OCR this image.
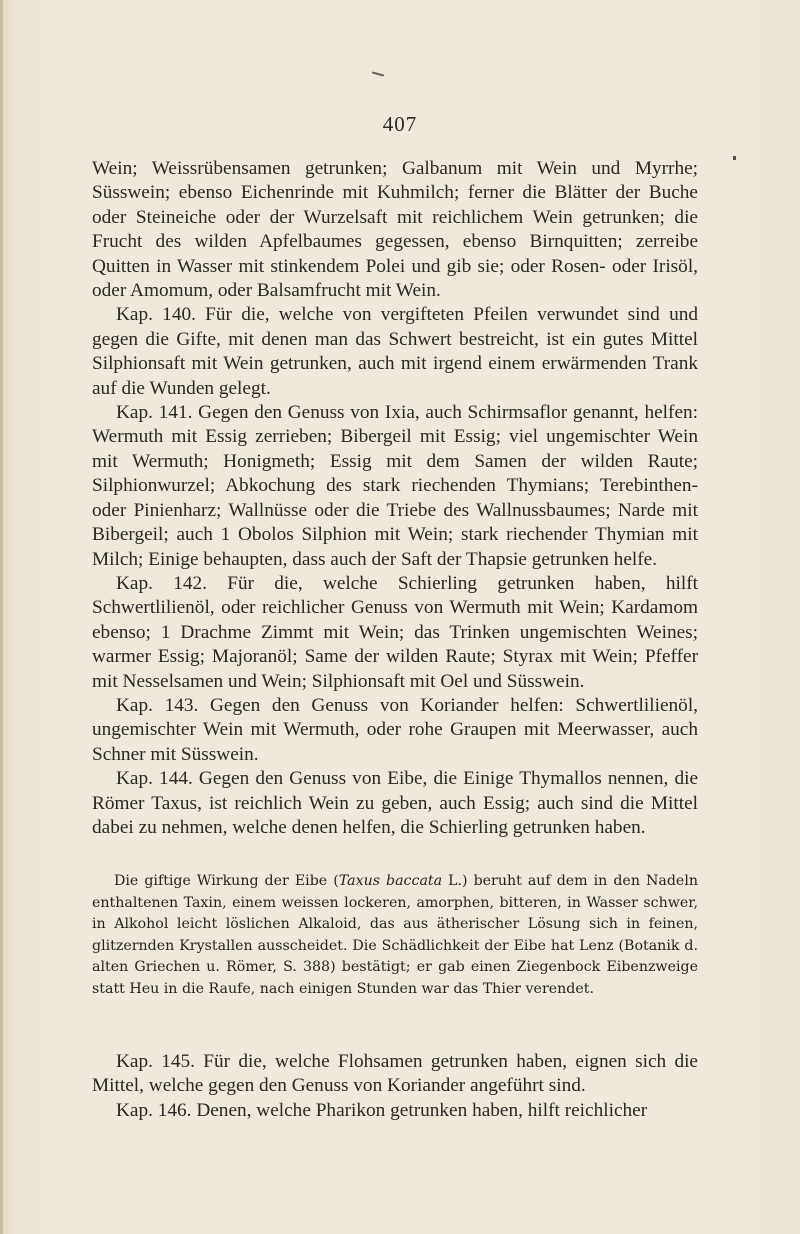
407

Wein; Weissrübensamen getrunken; Galbanum mit Wein und Myrrhe; Süsswein; ebenso Eichenrinde mit Kuhmilch; ferner die Blätter der Buche oder Steineiche oder der Wurzelsaft mit reichlichem Wein getrunken; die Frucht des wilden Apfelbaumes gegessen, ebenso Birnquitten; zerreibe Quitten in Wasser mit stinkendem Polei und gib sie; oder Rosen- oder Irisöl, oder Amomum, oder Balsamfrucht mit Wein.

Kap. 140. Für die, welche von vergifteten Pfeilen verwundet sind und gegen die Gifte, mit denen man das Schwert bestreicht, ist ein gutes Mittel Silphionsaft mit Wein getrunken, auch mit irgend einem erwärmenden Trank auf die Wunden gelegt.

Kap. 141. Gegen den Genuss von Ixia, auch Schirmsaflor genannt, helfen: Wermuth mit Essig zerrieben; Bibergeil mit Essig; viel ungemischter Wein mit Wermuth; Honigmeth; Essig mit dem Samen der wilden Raute; Silphionwurzel; Abkochung des stark riechenden Thymians; Terebinthen- oder Pinienharz; Wallnüsse oder die Triebe des Wallnussbaumes; Narde mit Bibergeil; auch 1 Obolos Silphion mit Wein; stark riechender Thymian mit Milch; Einige behaupten, dass auch der Saft der Thapsie getrunken helfe.

Kap. 142. Für die, welche Schierling getrunken haben, hilft Schwertlilienöl, oder reichlicher Genuss von Wermuth mit Wein; Kardamom ebenso; 1 Drachme Zimmt mit Wein; das Trinken ungemischten Weines; warmer Essig; Majoranöl; Same der wilden Raute; Styrax mit Wein; Pfeffer mit Nesselsamen und Wein; Silphionsaft mit Oel und Süsswein.

Kap. 143. Gegen den Genuss von Koriander helfen: Schwertlilienöl, ungemischter Wein mit Wermuth, oder rohe Graupen mit Meerwasser, auch Schner mit Süsswein.

Kap. 144. Gegen den Genuss von Eibe, die Einige Thymallos nennen, die Römer Taxus, ist reichlich Wein zu geben, auch Essig; auch sind die Mittel dabei zu nehmen, welche denen helfen, die Schierling getrunken haben.

Die giftige Wirkung der Eibe (Taxus baccata L.) beruht auf dem in den Nadeln enthaltenen Taxin, einem weissen lockeren, amorphen, bitteren, in Wasser schwer, in Alkohol leicht löslichen Alkaloid, das aus ätherischer Lösung sich in feinen, glitzernden Krystallen ausscheidet. Die Schädlichkeit der Eibe hat Lenz (Botanik d. alten Griechen u. Römer, S. 388) bestätigt; er gab einen Ziegenbock Eibenzweige statt Heu in die Raufe, nach einigen Stunden war das Thier verendet.

Kap. 145. Für die, welche Flohsamen getrunken haben, eignen sich die Mittel, welche gegen den Genuss von Koriander angeführt sind.

Kap. 146. Denen, welche Pharikon getrunken haben, hilft reichlicher
